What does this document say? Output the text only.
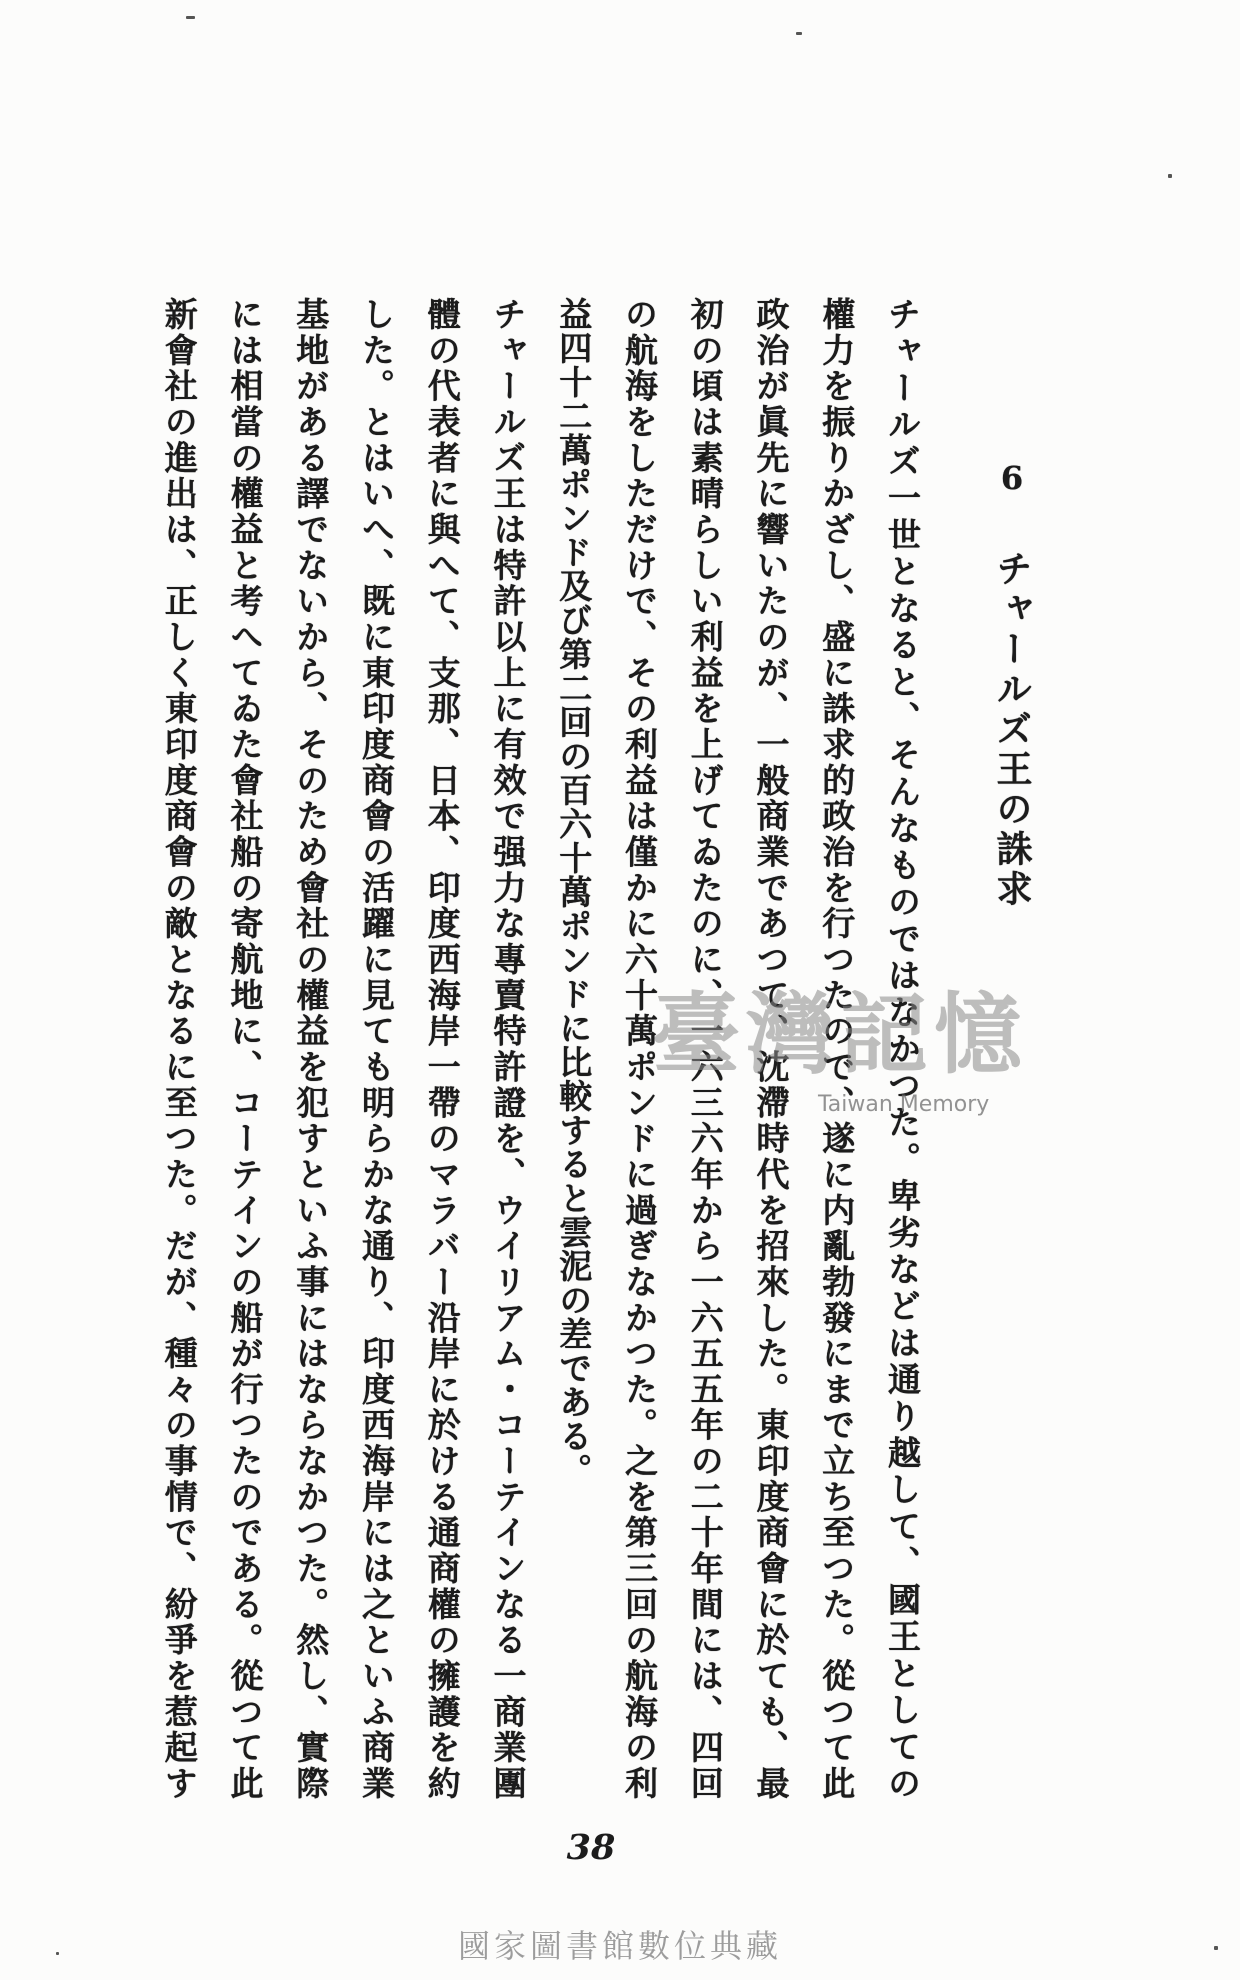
6チャールズ王の誅求
チャールズ一世となると、そんなものではなかつた。卑劣などは通り越して、國王としての
權力を振りかざし、盛に誅求的政治を行つたので、遂に内亂勃發にまで立ち至つた。從つて此
政治が眞先に響いたのが、一般商業であつて、沈滯時代を招來した。東印度商會に於ても、最
初の頃は素晴らしい利益を上げてゐたのに、一六三六年から一六五五年の二十年間には、四回
の航海をしただけで、その利益は僅かに六十萬ポンドに過ぎなかつた。之を第三回の航海の利
益四十二萬ポンド及び第二回の百六十萬ポンドに比較すると雲泥の差である。
チャールズ王は特許以上に有效で强力な專賣特許證を、ウイリアム・コーテインなる一商業團
體の代表者に與へて、支那、日本、印度西海岸一帶のマラバー沿岸に於ける通商權の擁護を約
した。とはいへ、既に東印度商會の活躍に見ても明らかな通り、印度西海岸には之といふ商業
基地がある譯でないから、そのため會社の權益を犯すといふ事にはならなかつた。然し、實際
には相當の權益と考へてゐた會社船の寄航地に、コーテインの船が行つたのである。從つて此
新會社の進出は、正しく東印度商會の敵となるに至つた。だが、種々の事情で、紛爭を惹起す	臺灣記憶
Taiwan Memory
38
國家圖書館數位典藏
